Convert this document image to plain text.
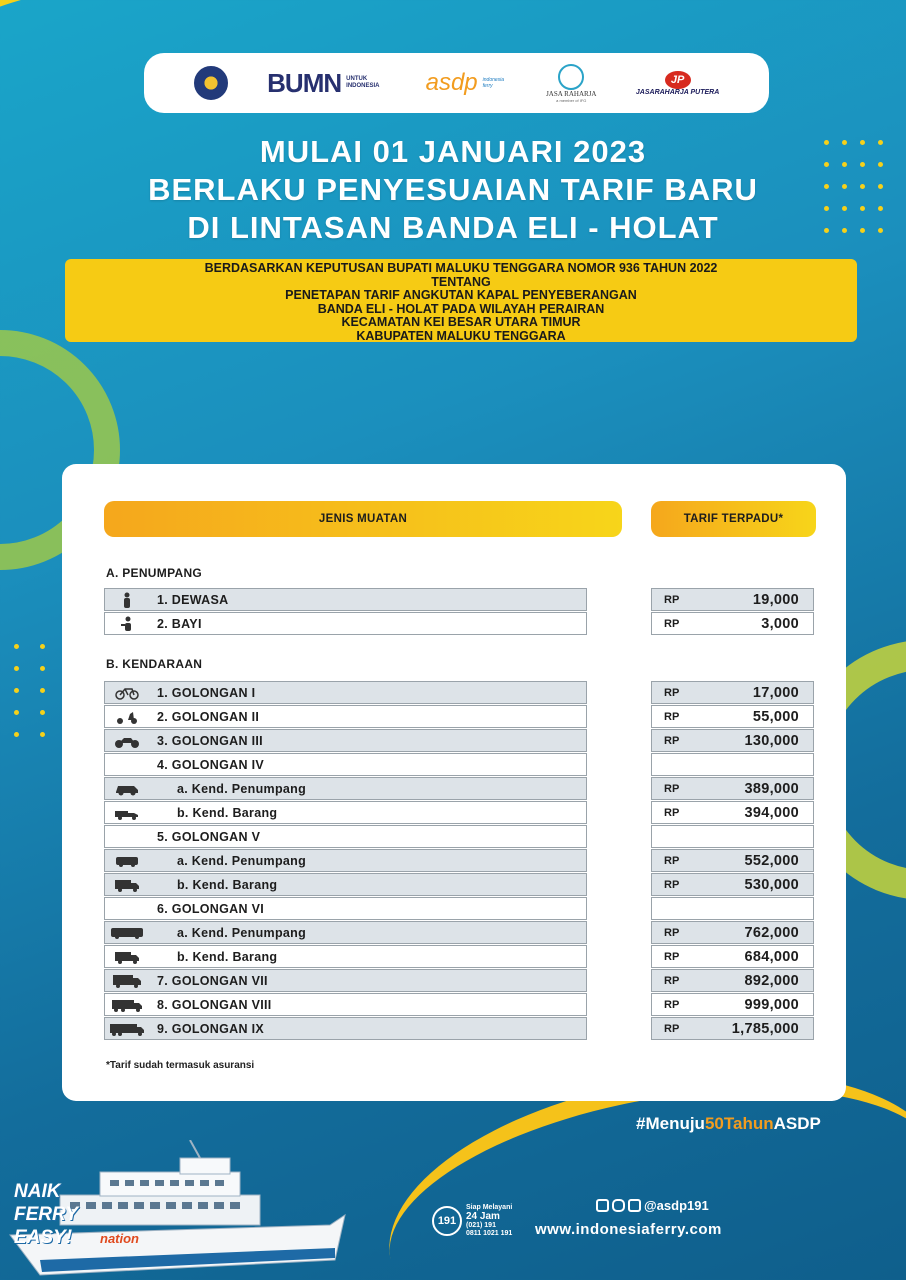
BUMN UNTUK INDONESIA asdp indonesia ferry
JASA RAHARJA
a member of IFG
JP
JASARAHARJA PUTERA
MULAI 01 JANUARI 2023
BERLAKU PENYESUAIAN TARIF BARU
DI LINTASAN BANDA ELI - HOLAT
BERDASARKAN KEPUTUSAN BUPATI MALUKU TENGGARA NOMOR 936 TAHUN 2022
TENTANG
PENETAPAN TARIF ANGKUTAN KAPAL PENYEBERANGAN
BANDA ELI - HOLAT PADA WILAYAH PERAIRAN
KECAMATAN KEI BESAR UTARA TIMUR
KABUPATEN MALUKU TENGGARA
JENIS MUATAN	TARIF TERPADU*
A. PENUMPANG
1. DEWASA	RP	19,000
2. BAYI	RP	3,000
B. KENDARAAN
1. GOLONGAN I	RP	17,000
2. GOLONGAN II	RP	55,000
3. GOLONGAN III	RP	130,000
4. GOLONGAN IV
a. Kend. Penumpang	RP	389,000
b. Kend. Barang	RP	394,000
5. GOLONGAN V
a. Kend. Penumpang	RP	552,000
b. Kend. Barang	RP	530,000
6. GOLONGAN VI
a. Kend. Penumpang	RP	762,000
b. Kend. Barang	RP	684,000
7. GOLONGAN VII	RP	892,000
8. GOLONGAN VIII	RP	999,000
9. GOLONGAN IX	RP	1,785,000
*Tarif sudah termasuk asuransi
#Menuju50TahunASDP
nation
NAIK
FERRY
EASY!
191
Siap Melayani
24 Jam
(021) 191
0811 1021 191
@asdp191
www.indonesiaferry.com
